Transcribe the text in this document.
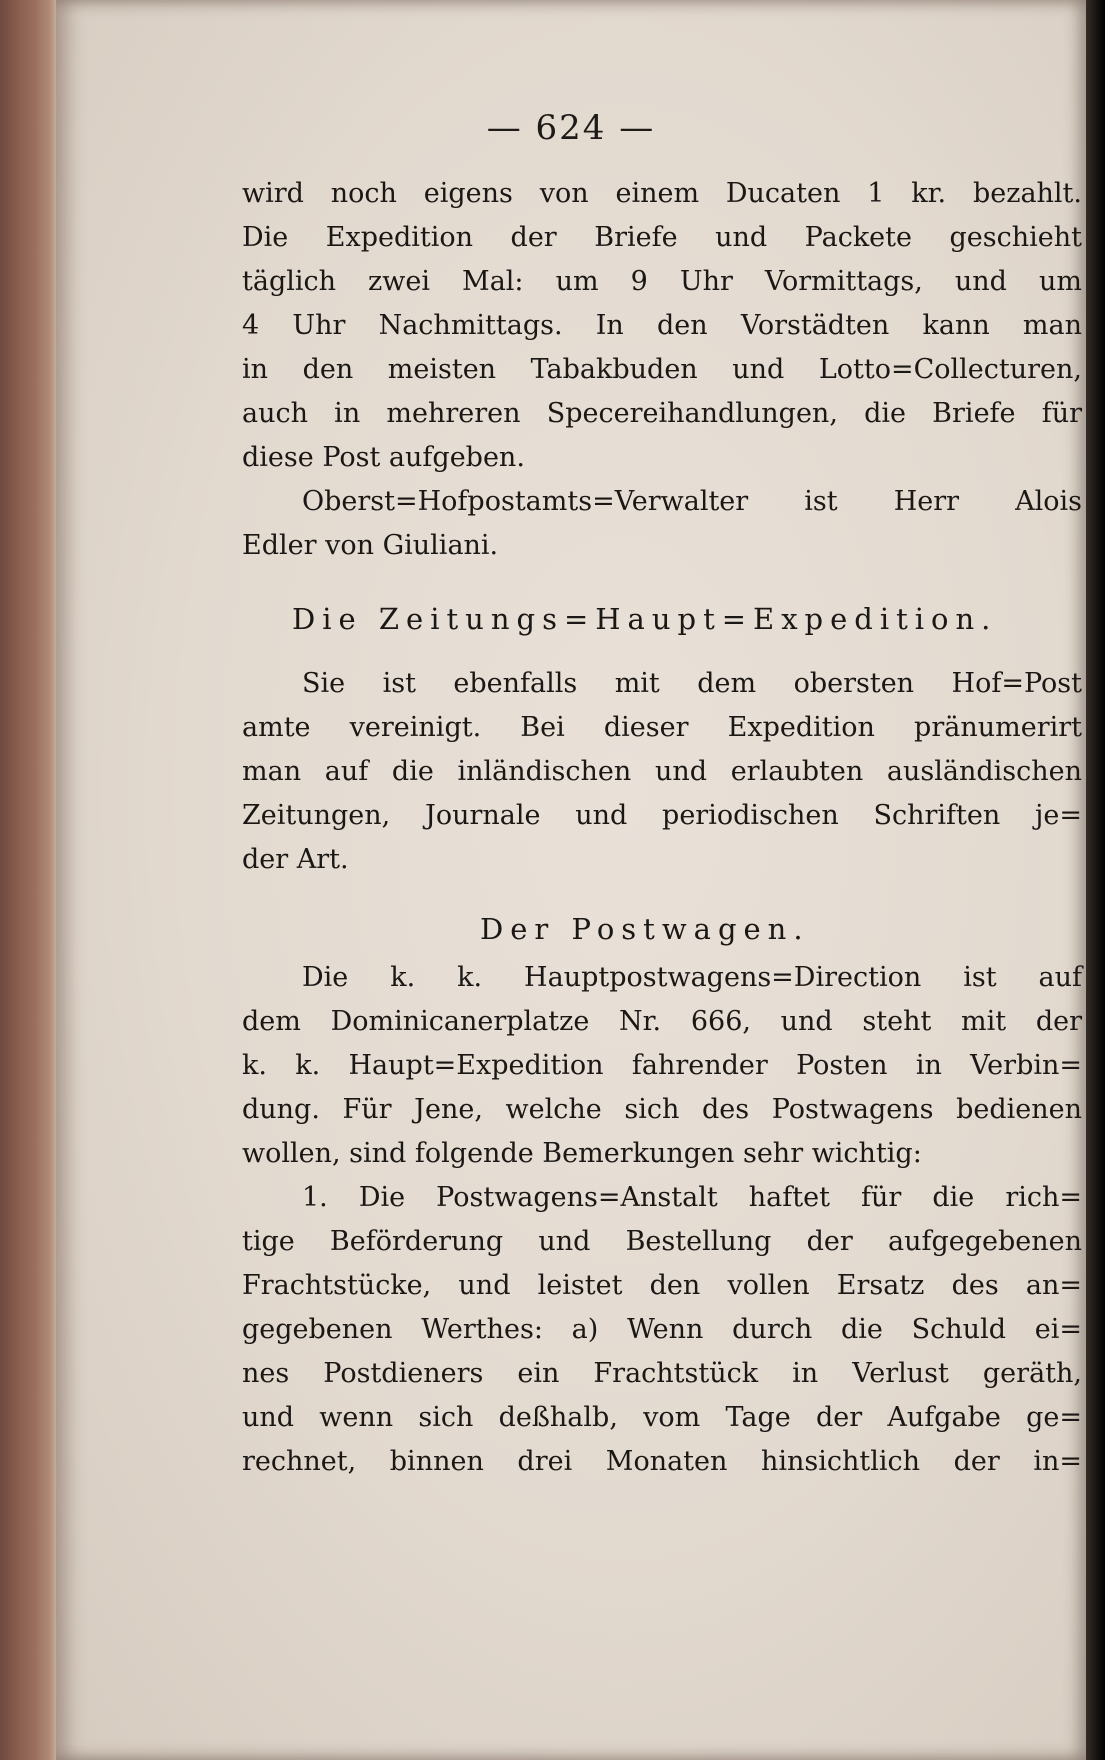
— 624 —
wird noch eigens von einem Ducaten 1 kr. bezahlt.
Die Expedition der Briefe und Packete geschieht
täglich zwei Mal: um 9 Uhr Vormittags, und um
4 Uhr Nachmittags. In den Vorstädten kann man
in den meisten Tabakbuden und Lotto=Collecturen,
auch in mehreren Specereihandlungen, die Briefe für
diese Post aufgeben.
Oberst=Hofpostamts=Verwalter ist Herr Alois
Edler von Giuliani.
Die Zeitungs=Haupt=Expedition.
Sie ist ebenfalls mit dem obersten Hof=Post
amte vereinigt. Bei dieser Expedition pränumerirt
man auf die inländischen und erlaubten ausländischen
Zeitungen, Journale und periodischen Schriften je=
der Art.
Der Postwagen.
Die k. k. Hauptpostwagens=Direction ist auf
dem Dominicanerplatze Nr. 666, und steht mit der
k. k. Haupt=Expedition fahrender Posten in Verbin=
dung. Für Jene, welche sich des Postwagens bedienen
wollen, sind folgende Bemerkungen sehr wichtig:
1. Die Postwagens=Anstalt haftet für die rich=
tige Beförderung und Bestellung der aufgegebenen
Frachtstücke, und leistet den vollen Ersatz des an=
gegebenen Werthes: a) Wenn durch die Schuld ei=
nes Postdieners ein Frachtstück in Verlust geräth,
und wenn sich deßhalb, vom Tage der Aufgabe ge=
rechnet, binnen drei Monaten hinsichtlich der in=
